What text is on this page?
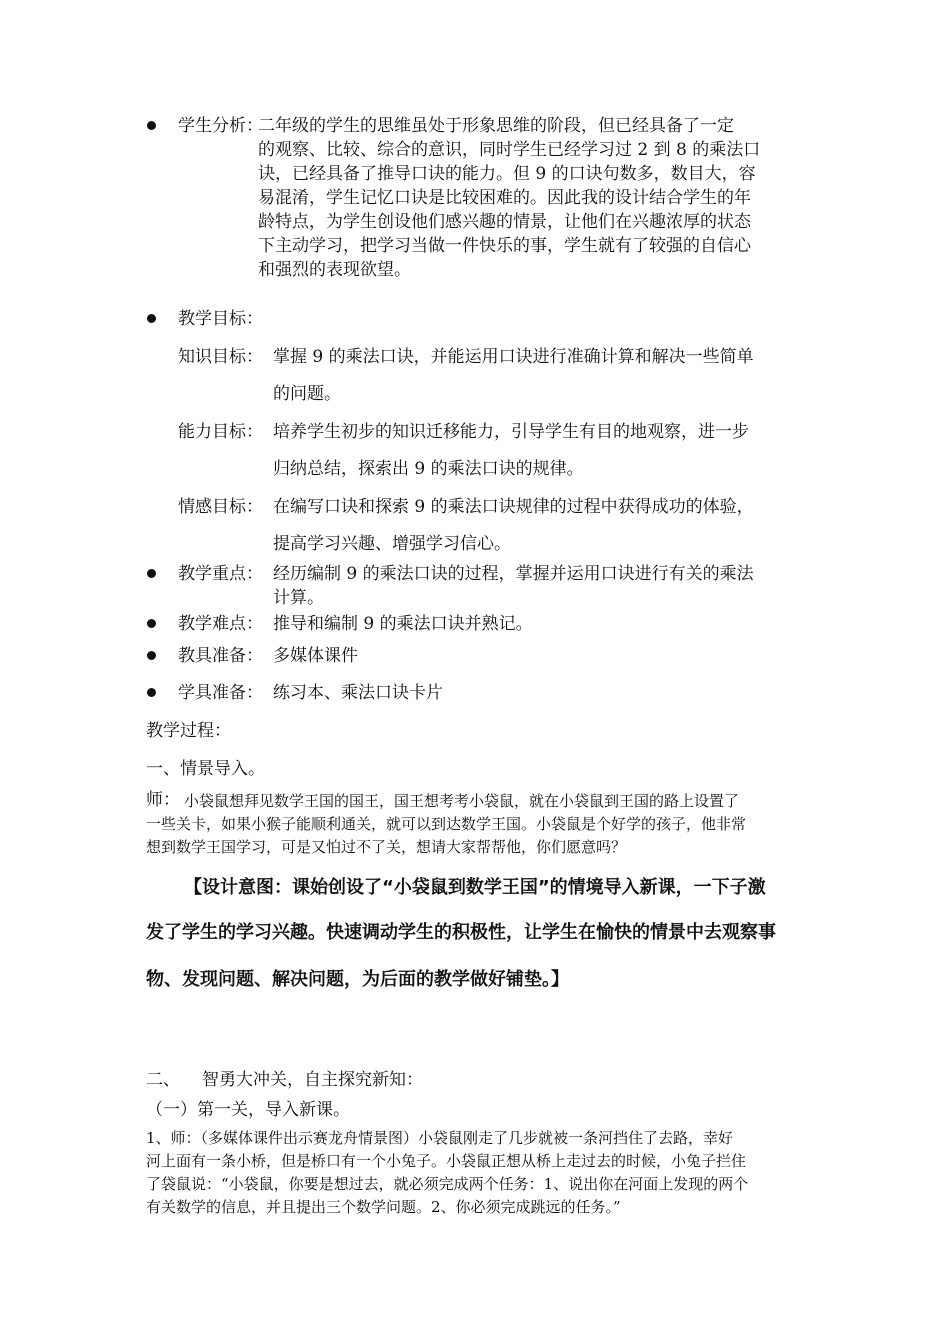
学生分析：
二年级的学生的思维虽处于形象思维的阶段，但已经具备了一定
的观察、比较、综合的意识，同时学生已经学习过 2 到 8 的乘法口
诀，已经具备了推导口诀的能力。但 9 的口诀句数多，数目大，容
易混淆，学生记忆口诀是比较困难的。因此我的设计结合学生的年
龄特点，为学生创设他们感兴趣的情景，让他们在兴趣浓厚的状态
下主动学习，把学习当做一件快乐的事，学生就有了较强的自信心
和强烈的表现欲望。
教学目标：
知识目标： 掌握 9 的乘法口诀，并能运用口诀进行准确计算和解决一些简单
的问题。
能力目标： 培养学生初步的知识迁移能力，引导学生有目的地观察，进一步
归纳总结，探索出 9 的乘法口诀的规律。
情感目标： 在编写口诀和探索 9 的乘法口诀规律的过程中获得成功的体验，
提高学习兴趣、增强学习信心。
教学重点： 经历编制 9 的乘法口诀的过程，掌握并运用口诀进行有关的乘法
计算。
教学难点： 推导和编制 9 的乘法口诀并熟记。
教具准备： 多媒体课件
学具准备： 练习本、乘法口诀卡片
教学过程：
一、情景导入。
师： 小袋鼠想拜见数学王国的国王，国王想考考小袋鼠，就在小袋鼠到王国的路上设置了
一些关卡，如果小猴子能顺利通关，就可以到达数学王国。小袋鼠是个好学的孩子，他非常
想到数学王国学习，可是又怕过不了关，想请大家帮帮他，你们愿意吗？
【设计意图：课始创设了“小袋鼠到数学王国”的情境导入新课，一下子激
发了学生的学习兴趣。快速调动学生的积极性，让学生在愉快的情景中去观察事
物、发现问题、解决问题，为后面的教学做好铺垫。】
二、 智勇大冲关，自主探究新知：
（一）第一关，导入新课。
1、师：（多媒体课件出示赛龙舟情景图）小袋鼠刚走了几步就被一条河挡住了去路，幸好
河上面有一条小桥，但是桥口有一个小兔子。小袋鼠正想从桥上走过去的时候，小兔子拦住
了袋鼠说：“小袋鼠，你要是想过去，就必须完成两个任务：1、说出你在河面上发现的两个
有关数学的信息，并且提出三个数学问题。2、你必须完成跳远的任务。”
